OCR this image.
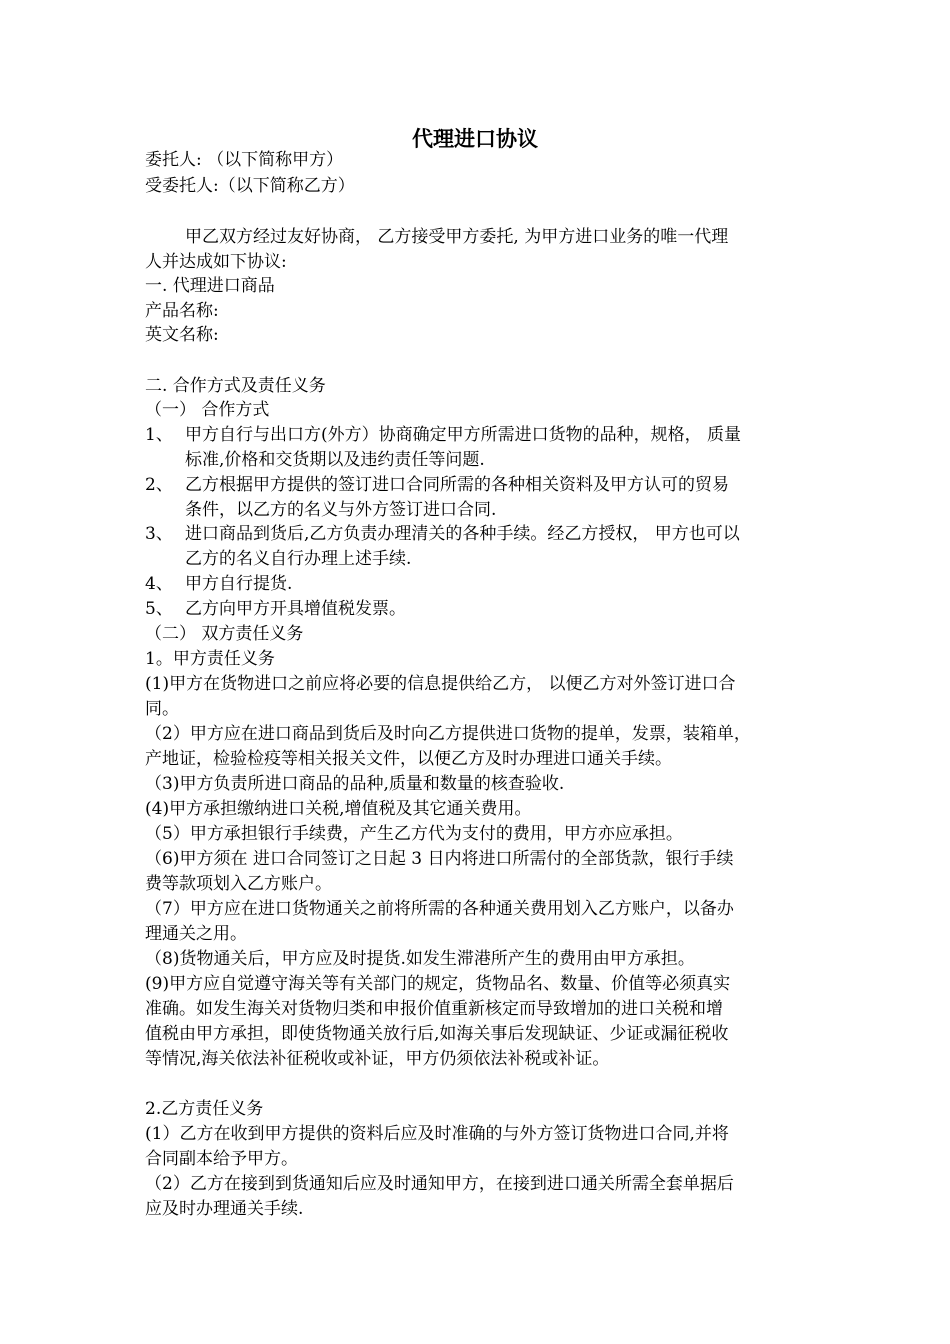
代理进口协议
委托人: （以下简称甲方）
受委托人:（以下简称乙方）
甲乙双方经过友好协商， 乙方接受甲方委托, 为甲方进口业务的唯一代理
人并达成如下协议:
一. 代理进口商品
产品名称:
英文名称:
二. 合作方式及责任义务
（一） 合作方式
1、 甲方自行与出口方(外方）协商确定甲方所需进口货物的品种，规格， 质量
标准,价格和交货期以及违约责任等问题.
2、 乙方根据甲方提供的签订进口合同所需的各种相关资料及甲方认可的贸易
条件，以乙方的名义与外方签订进口合同.
3、 进口商品到货后,乙方负责办理清关的各种手续。经乙方授权， 甲方也可以
乙方的名义自行办理上述手续.
4、 甲方自行提货.
5、 乙方向甲方开具增值税发票。
（二） 双方责任义务
1。甲方责任义务
(1)甲方在货物进口之前应将必要的信息提供给乙方， 以便乙方对外签订进口合
同。
（2）甲方应在进口商品到货后及时向乙方提供进口货物的提单，发票，装箱单，
产地证，检验检疫等相关报关文件，以便乙方及时办理进口通关手续。
（3)甲方负责所进口商品的品种,质量和数量的核查验收.
(4)甲方承担缴纳进口关税,增值税及其它通关费用。
（5）甲方承担银行手续费，产生乙方代为支付的费用，甲方亦应承担。
（6)甲方须在 进口合同签订之日起 3 日内将进口所需付的全部货款，银行手续
费等款项划入乙方账户。
（7）甲方应在进口货物通关之前将所需的各种通关费用划入乙方账户，以备办
理通关之用。
（8)货物通关后，甲方应及时提货.如发生滞港所产生的费用由甲方承担。
(9)甲方应自觉遵守海关等有关部门的规定，货物品名、数量、价值等必须真实
准确。如发生海关对货物归类和申报价值重新核定而导致增加的进口关税和增
值税由甲方承担，即使货物通关放行后,如海关事后发现缺证、少证或漏征税收
等情况,海关依法补征税收或补证，甲方仍须依法补税或补证。
2.乙方责任义务
(1）乙方在收到甲方提供的资料后应及时准确的与外方签订货物进口合同,并将
合同副本给予甲方。
（2）乙方在接到到货通知后应及时通知甲方，在接到进口通关所需全套单据后
应及时办理通关手续.
